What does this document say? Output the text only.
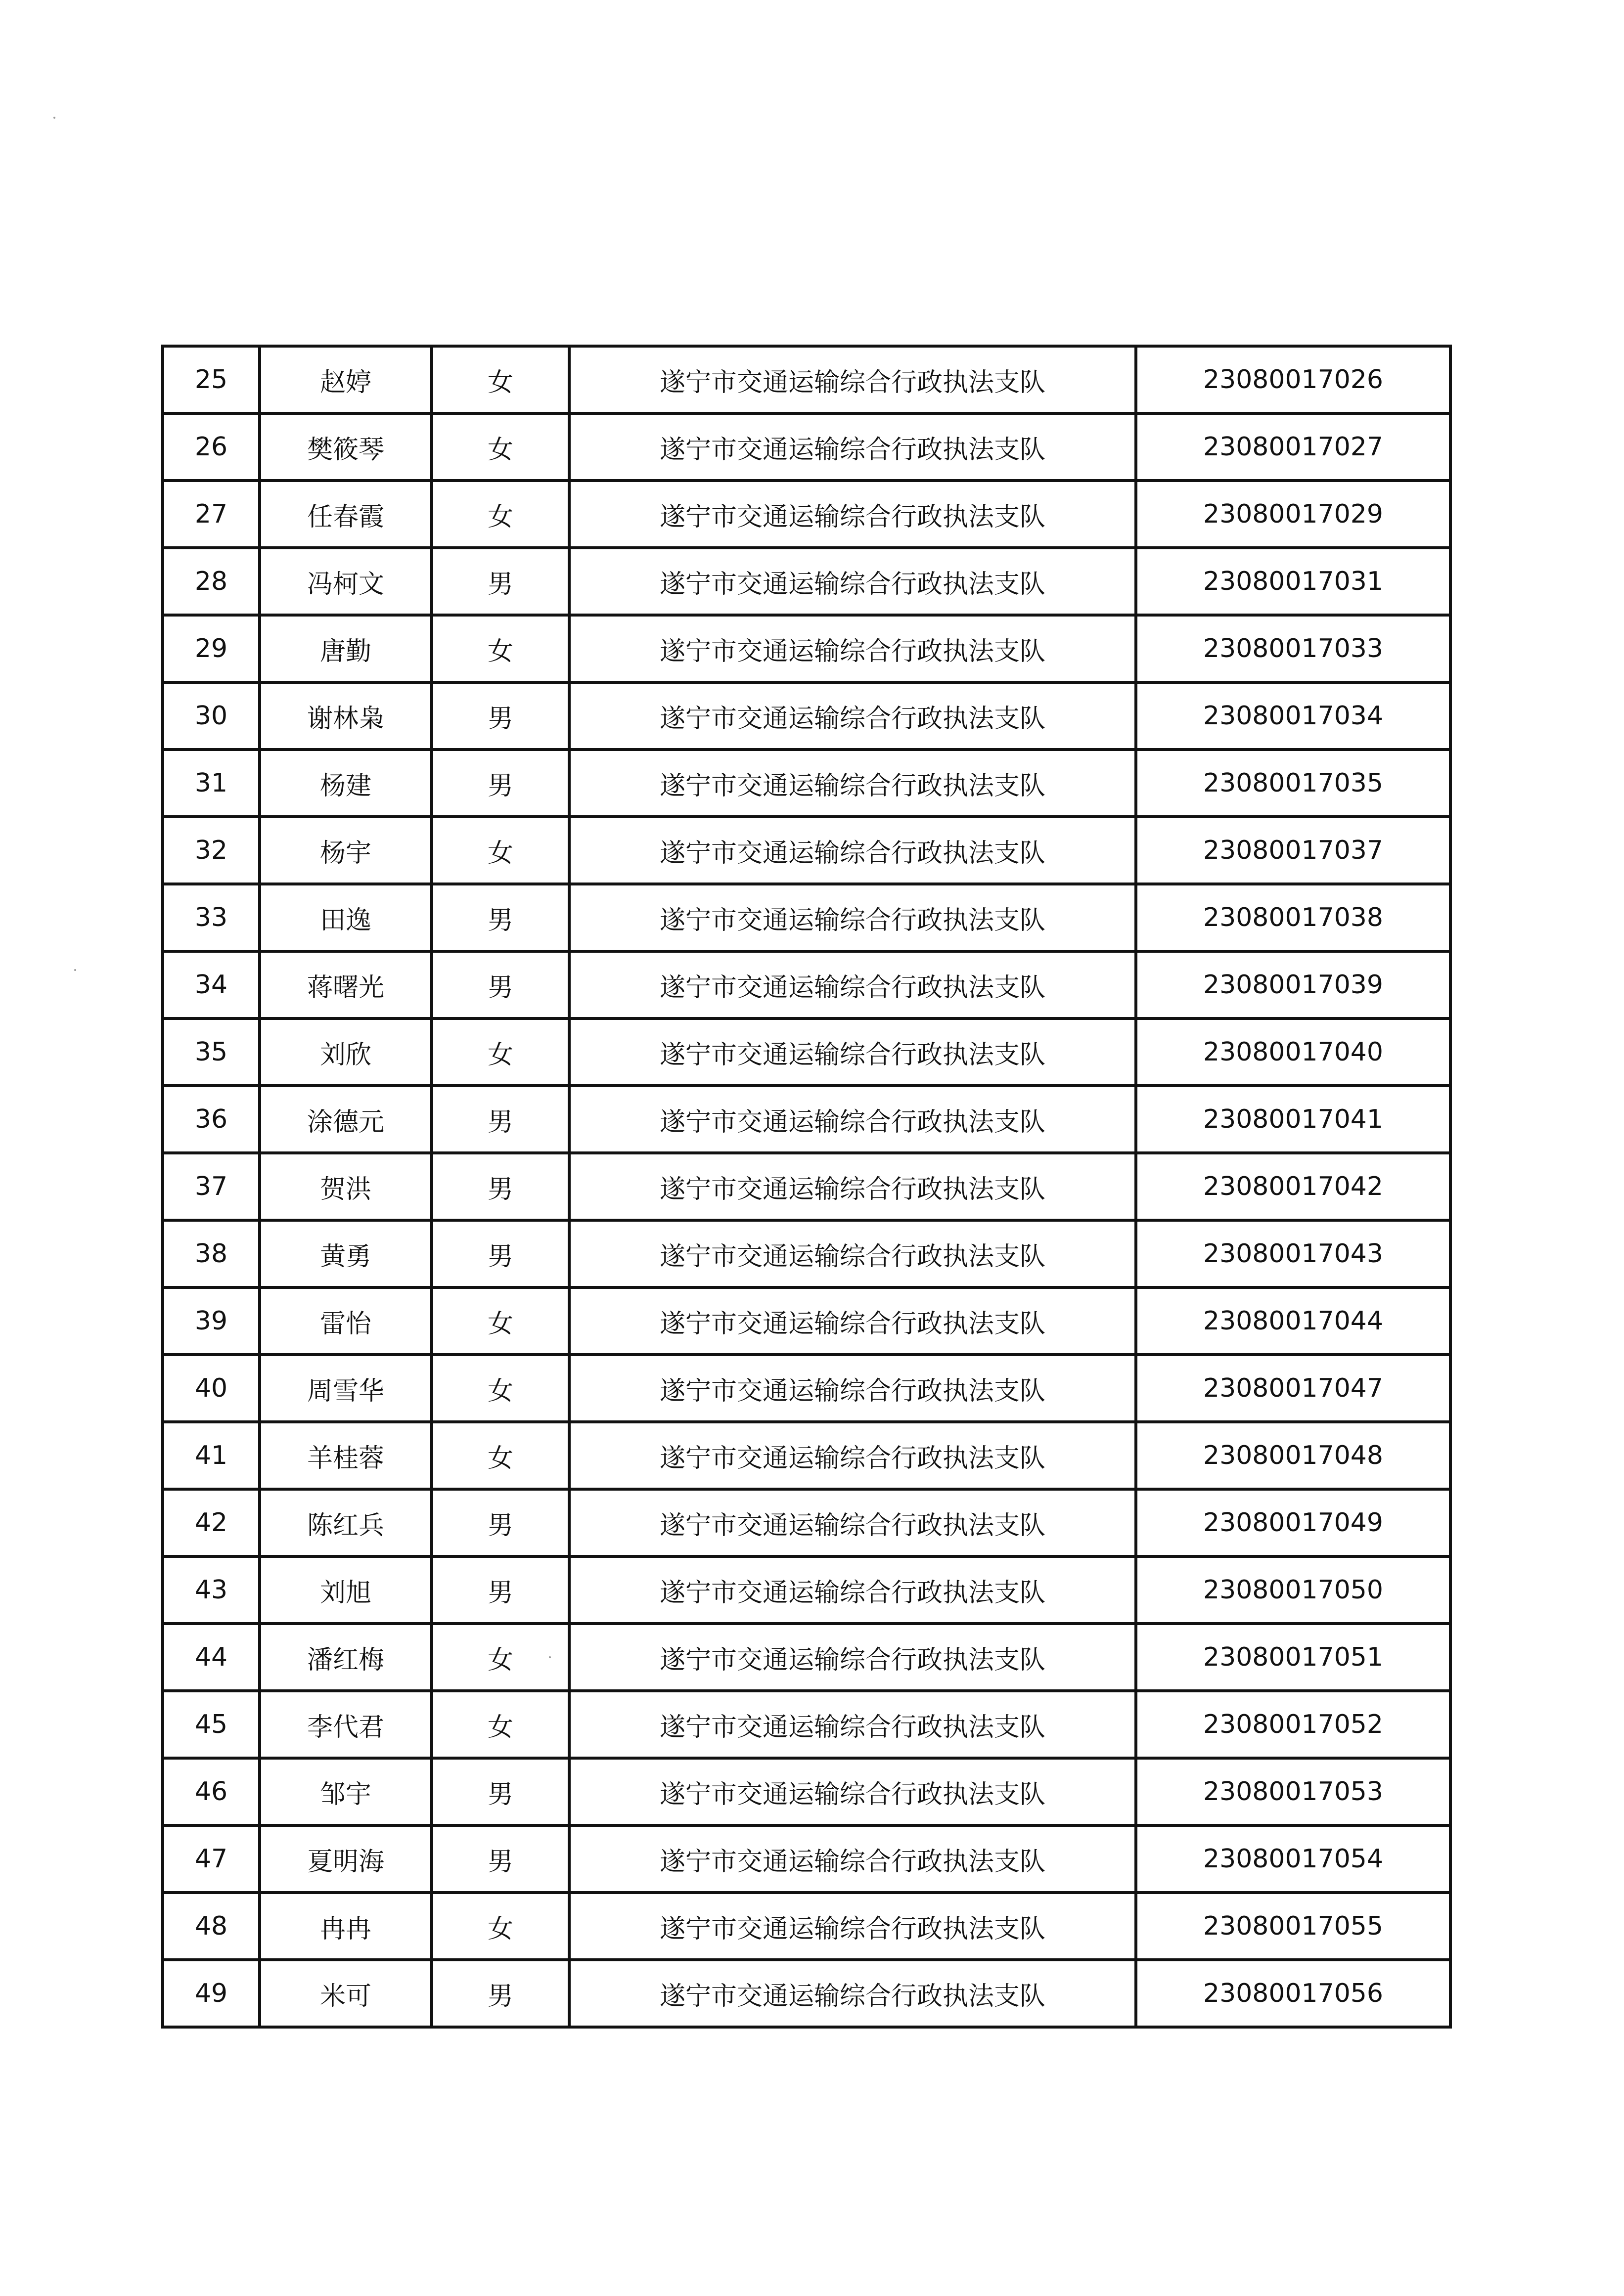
25	赵婷	女	遂宁市交通运输综合行政执法支队	23080017026
26	樊筱琴	女	遂宁市交通运输综合行政执法支队	23080017027
27	任春霞	女	遂宁市交通运输综合行政执法支队	23080017029
28	冯柯文	男	遂宁市交通运输综合行政执法支队	23080017031
29	唐勤	女	遂宁市交通运输综合行政执法支队	23080017033
30	谢林枭	男	遂宁市交通运输综合行政执法支队	23080017034
31	杨建	男	遂宁市交通运输综合行政执法支队	23080017035
32	杨宇	女	遂宁市交通运输综合行政执法支队	23080017037
33	田逸	男	遂宁市交通运输综合行政执法支队	23080017038
34	蒋曙光	男	遂宁市交通运输综合行政执法支队	23080017039
35	刘欣	女	遂宁市交通运输综合行政执法支队	23080017040
36	涂德元	男	遂宁市交通运输综合行政执法支队	23080017041
37	贺洪	男	遂宁市交通运输综合行政执法支队	23080017042
38	黄勇	男	遂宁市交通运输综合行政执法支队	23080017043
39	雷怡	女	遂宁市交通运输综合行政执法支队	23080017044
40	周雪华	女	遂宁市交通运输综合行政执法支队	23080017047
41	羊桂蓉	女	遂宁市交通运输综合行政执法支队	23080017048
42	陈红兵	男	遂宁市交通运输综合行政执法支队	23080017049
43	刘旭	男	遂宁市交通运输综合行政执法支队	23080017050
44	潘红梅	女	遂宁市交通运输综合行政执法支队	23080017051
45	李代君	女	遂宁市交通运输综合行政执法支队	23080017052
46	邹宇	男	遂宁市交通运输综合行政执法支队	23080017053
47	夏明海	男	遂宁市交通运输综合行政执法支队	23080017054
48	冉冉	女	遂宁市交通运输综合行政执法支队	23080017055
49	米可	男	遂宁市交通运输综合行政执法支队	23080017056
